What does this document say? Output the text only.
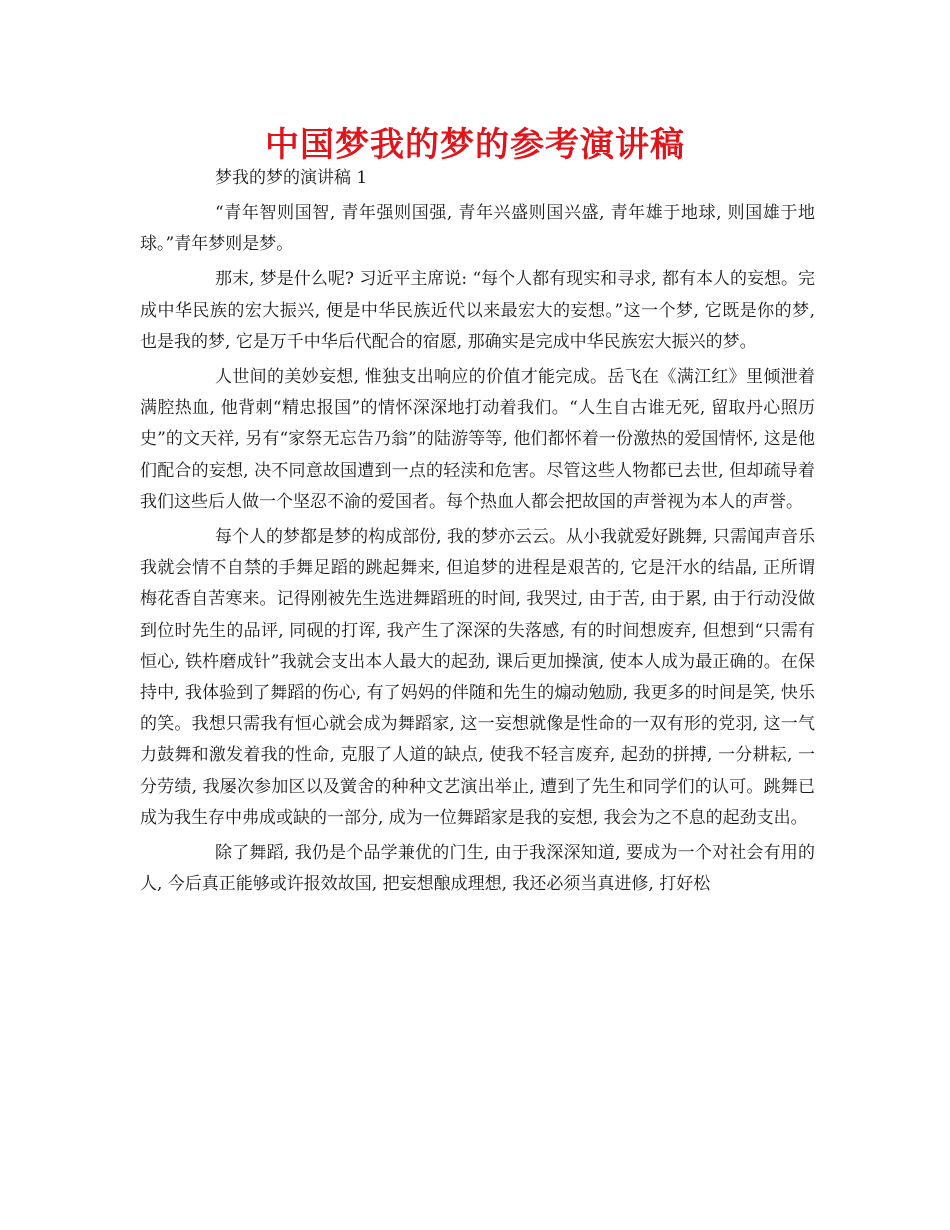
中国梦我的梦的参考演讲稿

梦我的梦的演讲稿 1

“青年智则国智, 青年强则国强, 青年兴盛则国兴盛, 青年雄于地球, 则国雄于地球。”青年梦则是梦。

那末, 梦是什么呢? 习近平主席说: “每个人都有现实和寻求, 都有本人的妄想。完成中华民族的宏大振兴, 便是中华民族近代以来最宏大的妄想。”这一个梦, 它既是你的梦, 也是我的梦, 它是万千中华后代配合的宿愿, 那确实是完成中华民族宏大振兴的梦。

人世间的美妙妄想, 惟独支出响应的价值才能完成。岳飞在《满江红》里倾泄着满腔热血, 他背刺“精忠报国”的情怀深深地打动着我们。“人生自古谁无死, 留取丹心照历史”的文天祥, 另有“家祭无忘告乃翁”的陆游等等, 他们都怀着一份激热的爱国情怀, 这是他们配合的妄想, 决不同意故国遭到一点的轻渎和危害。尽管这些人物都已去世, 但却疏导着我们这些后人做一个坚忍不渝的爱国者。每个热血人都会把故国的声誉视为本人的声誉。

每个人的梦都是梦的构成部份, 我的梦亦云云。从小我就爱好跳舞, 只需闻声音乐我就会情不自禁的手舞足蹈的跳起舞来, 但追梦的进程是艰苦的, 它是汗水的结晶, 正所谓梅花香自苦寒来。记得刚被先生选进舞蹈班的时间, 我哭过, 由于苦, 由于累, 由于行动没做到位时先生的品评, 同砚的打诨, 我产生了深深的失落感, 有的时间想废弃, 但想到“只需有恒心, 铁杵磨成针”我就会支出本人最大的起劲, 课后更加操演, 使本人成为最正确的。在保持中, 我体验到了舞蹈的伤心, 有了妈妈的伴随和先生的煽动勉励, 我更多的时间是笑, 快乐的笑。我想只需我有恒心就会成为舞蹈家, 这一妄想就像是性命的一双有形的党羽, 这一气力鼓舞和激发着我的性命, 克服了人道的缺点, 使我不轻言废弃, 起劲的拼搏, 一分耕耘, 一分劳绩, 我屡次参加区以及黉舍的种种文艺演出举止, 遭到了先生和同学们的认可。跳舞已成为我生存中弗成或缺的一部分, 成为一位舞蹈家是我的妄想, 我会为之不息的起劲支出。

除了舞蹈, 我仍是个品学兼优的门生, 由于我深深知道, 要成为一个对社会有用的人, 今后真正能够或许报效故国, 把妄想酿成理想, 我还必须当真进修, 打好松
